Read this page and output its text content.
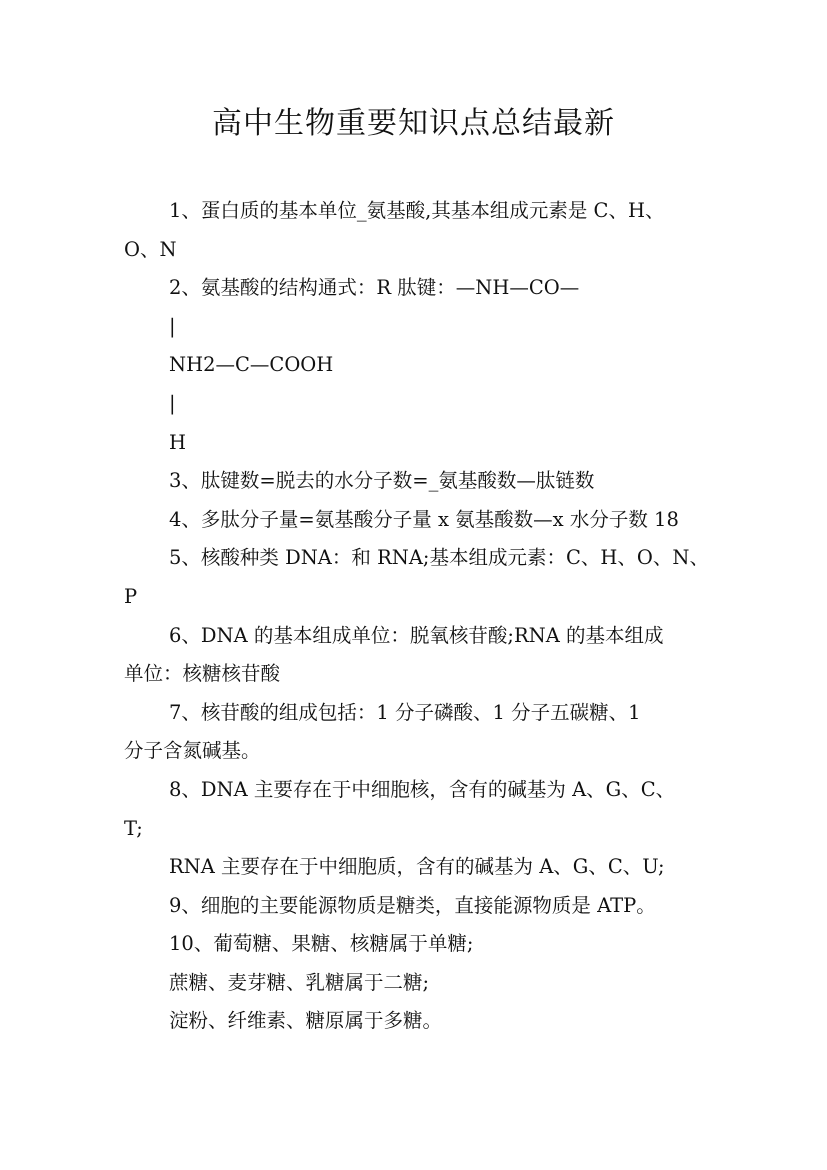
高中生物重要知识点总结最新
1、蛋白质的基本单位_氨基酸,其基本组成元素是 C、H、
O、N
2、氨基酸的结构通式：R 肽键：—NH—CO—
|
NH2—C—COOH
|
H
3、肽键数=脱去的水分子数=_氨基酸数—肽链数
4、多肽分子量=氨基酸分子量 x 氨基酸数—x 水分子数 18
5、核酸种类 DNA：和 RNA;基本组成元素：C、H、O、N、
P
6、DNA 的基本组成单位：脱氧核苷酸;RNA 的基本组成
单位：核糖核苷酸
7、核苷酸的组成包括：1 分子磷酸、1 分子五碳糖、1
分子含氮碱基。
8、DNA 主要存在于中细胞核，含有的碱基为 A、G、C、
T;
RNA 主要存在于中细胞质，含有的碱基为 A、G、C、U;
9、细胞的主要能源物质是糖类，直接能源物质是 ATP。
10、葡萄糖、果糖、核糖属于单糖;
蔗糖、麦芽糖、乳糖属于二糖;
淀粉、纤维素、糖原属于多糖。
